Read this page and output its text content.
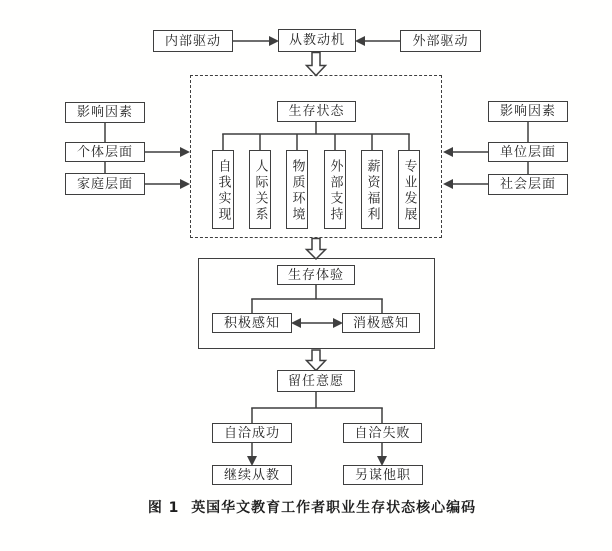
内部驱动	从教动机	外部驱动
影响因素
个体层面
家庭层面
生存状态
自我实现 人际关系 物质环境 外部支持 薪资福利 专业发展
影响因素
单位层面
社会层面
生存体验
积极感知	消极感知
留任意愿
自洽成功	自洽失败
继续从教	另谋他职
图 1 英国华文教育工作者职业生存状态核心编码
